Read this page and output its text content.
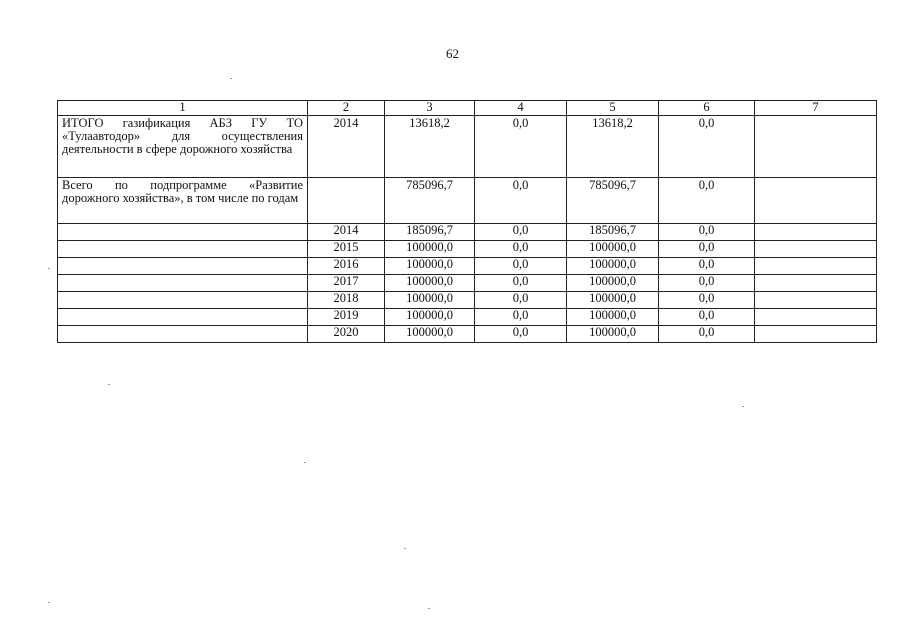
62
1	2	3	4	5	6	7
ИТОГО газификация АБЗ ГУ ТО «Тулаавтодор» для осуществления деятельности в сфере дорожного хозяйства	2014	13618,2	0,0	13618,2	0,0	
Всего по подпрограмме «Развитие дорожного хозяйства», в том числе по годам		785096,7	0,0	785096,7	0,0	
	2014	185096,7	0,0	185096,7	0,0	
	2015	100000,0	0,0	100000,0	0,0	
	2016	100000,0	0,0	100000,0	0,0	
	2017	100000,0	0,0	100000,0	0,0	
	2018	100000,0	0,0	100000,0	0,0	
	2019	100000,0	0,0	100000,0	0,0	
	2020	100000,0	0,0	100000,0	0,0	
